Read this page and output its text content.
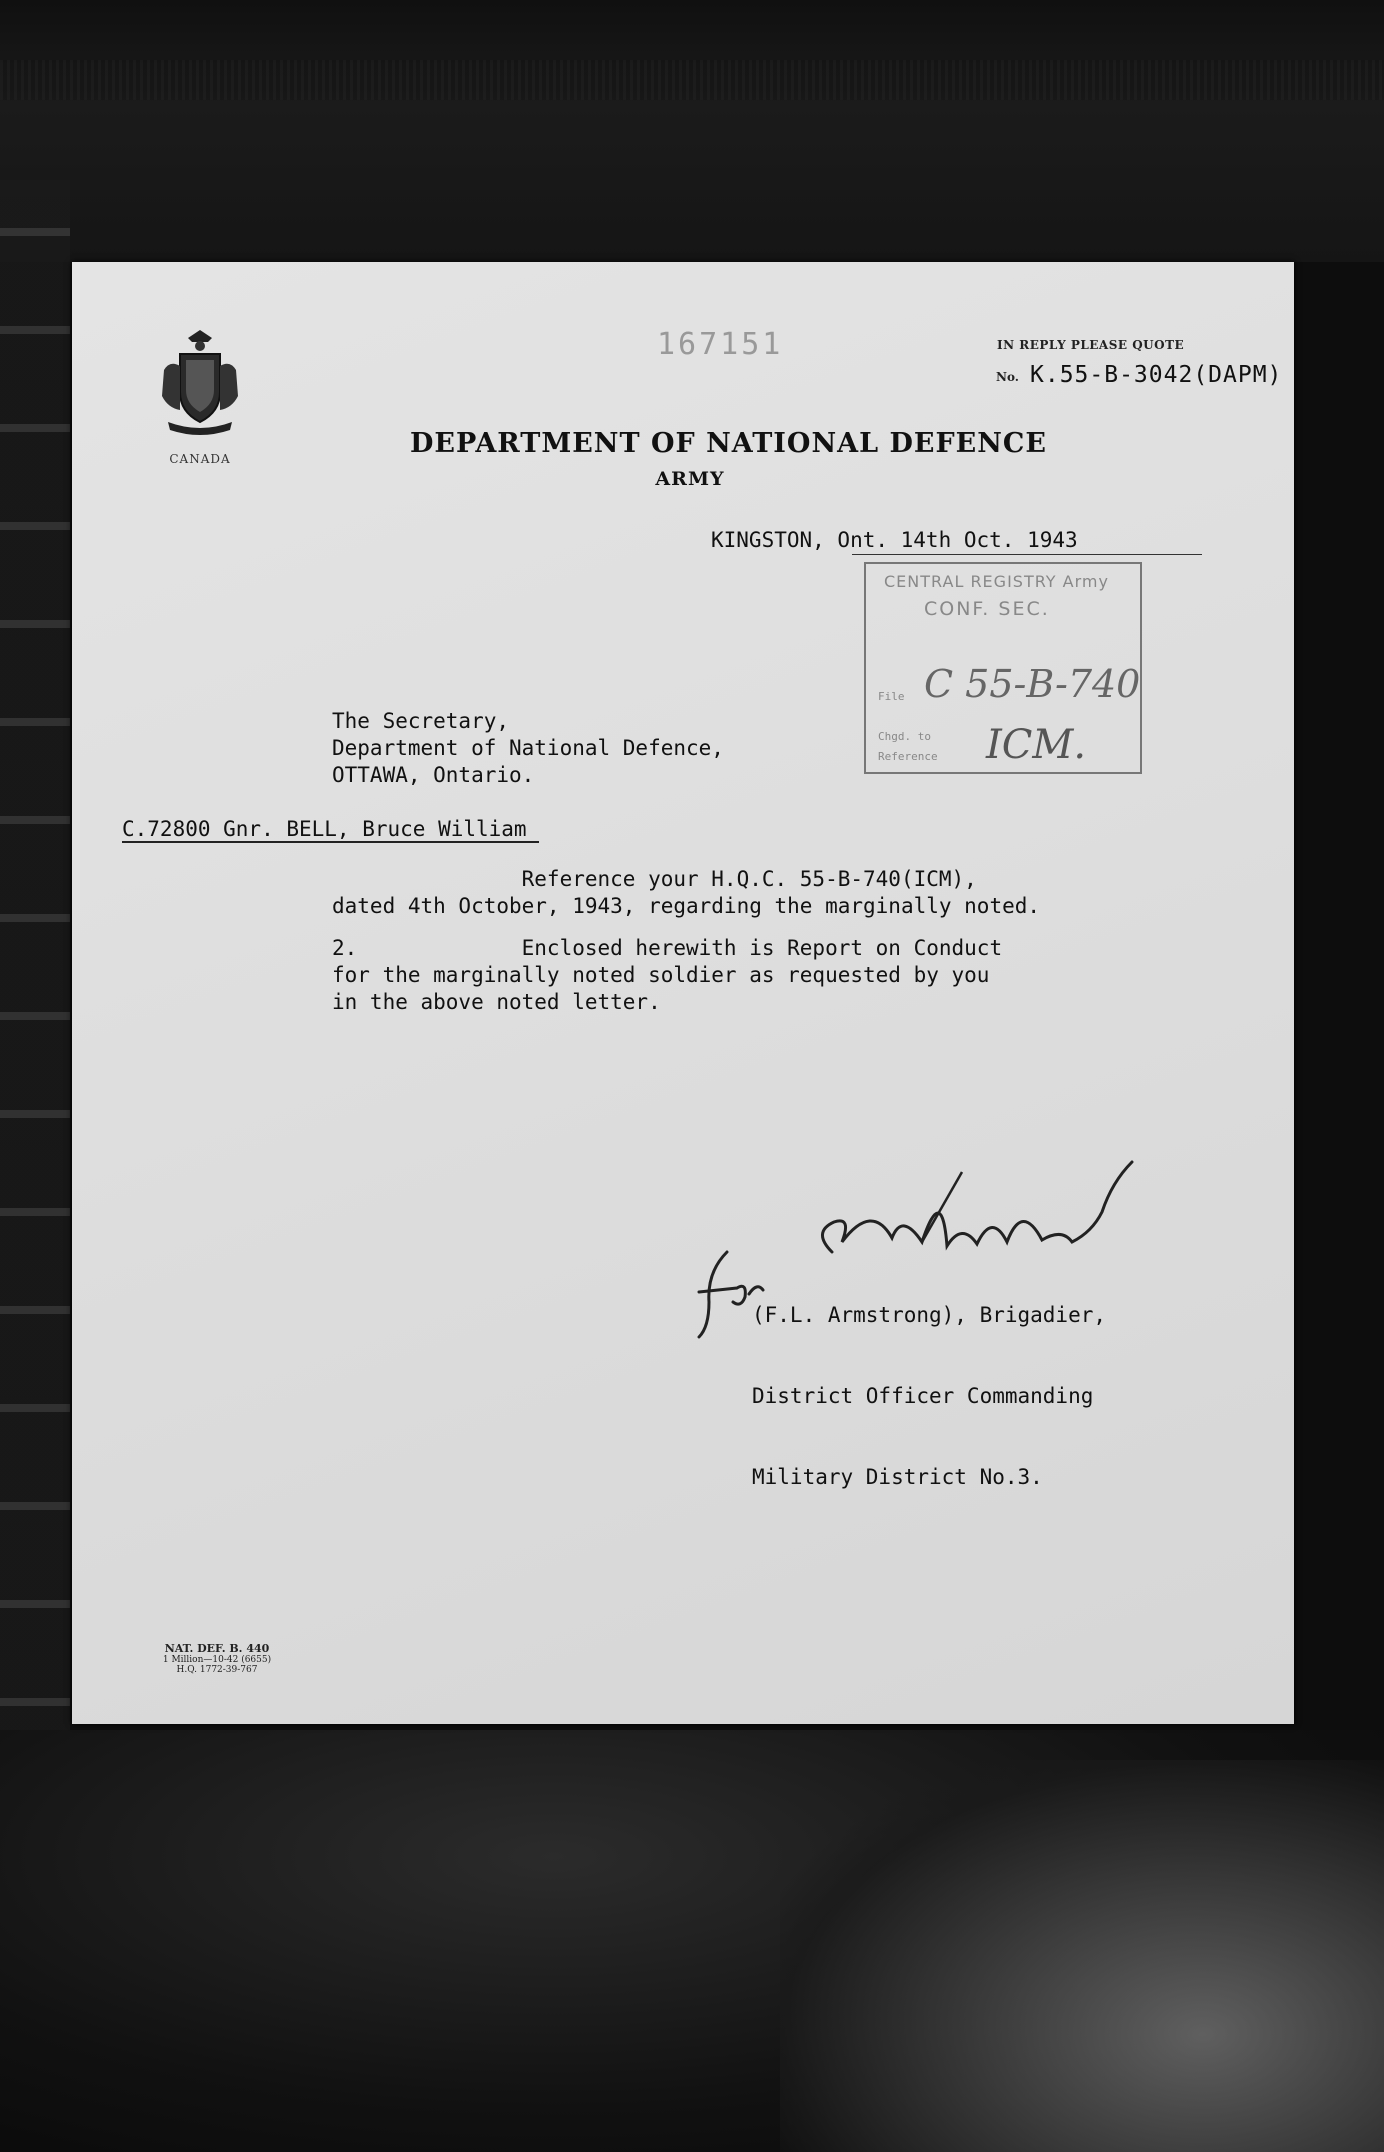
CANADA
167151	IN REPLY PLEASE QUOTE
No. K.55-B-3042(DAPM)
DEPARTMENT OF NATIONAL DEFENCE
ARMY
KINGSTON, Ont. 14th Oct. 1943
CENTRAL REGISTRY Army
CONF. SEC.
File C 55-B-740
Chgd. to
Reference ICM.
The Secretary,
Department of National Defence,
OTTAWA, Ontario.
C.72800 Gnr. BELL, Bruce William

Reference your H.Q.C. 55-B-740(ICM),

dated 4th October, 1943, regarding the marginally noted.

2.             Enclosed herewith is Report on Conduct

for the marginally noted soldier as requested by you

in the above noted letter.

(F.L. Armstrong), Brigadier,

District Officer Commanding

Military District No.3.

NAT. DEF. B. 440
1 Million—10-42 (6655)
H.Q. 1772-39-767
